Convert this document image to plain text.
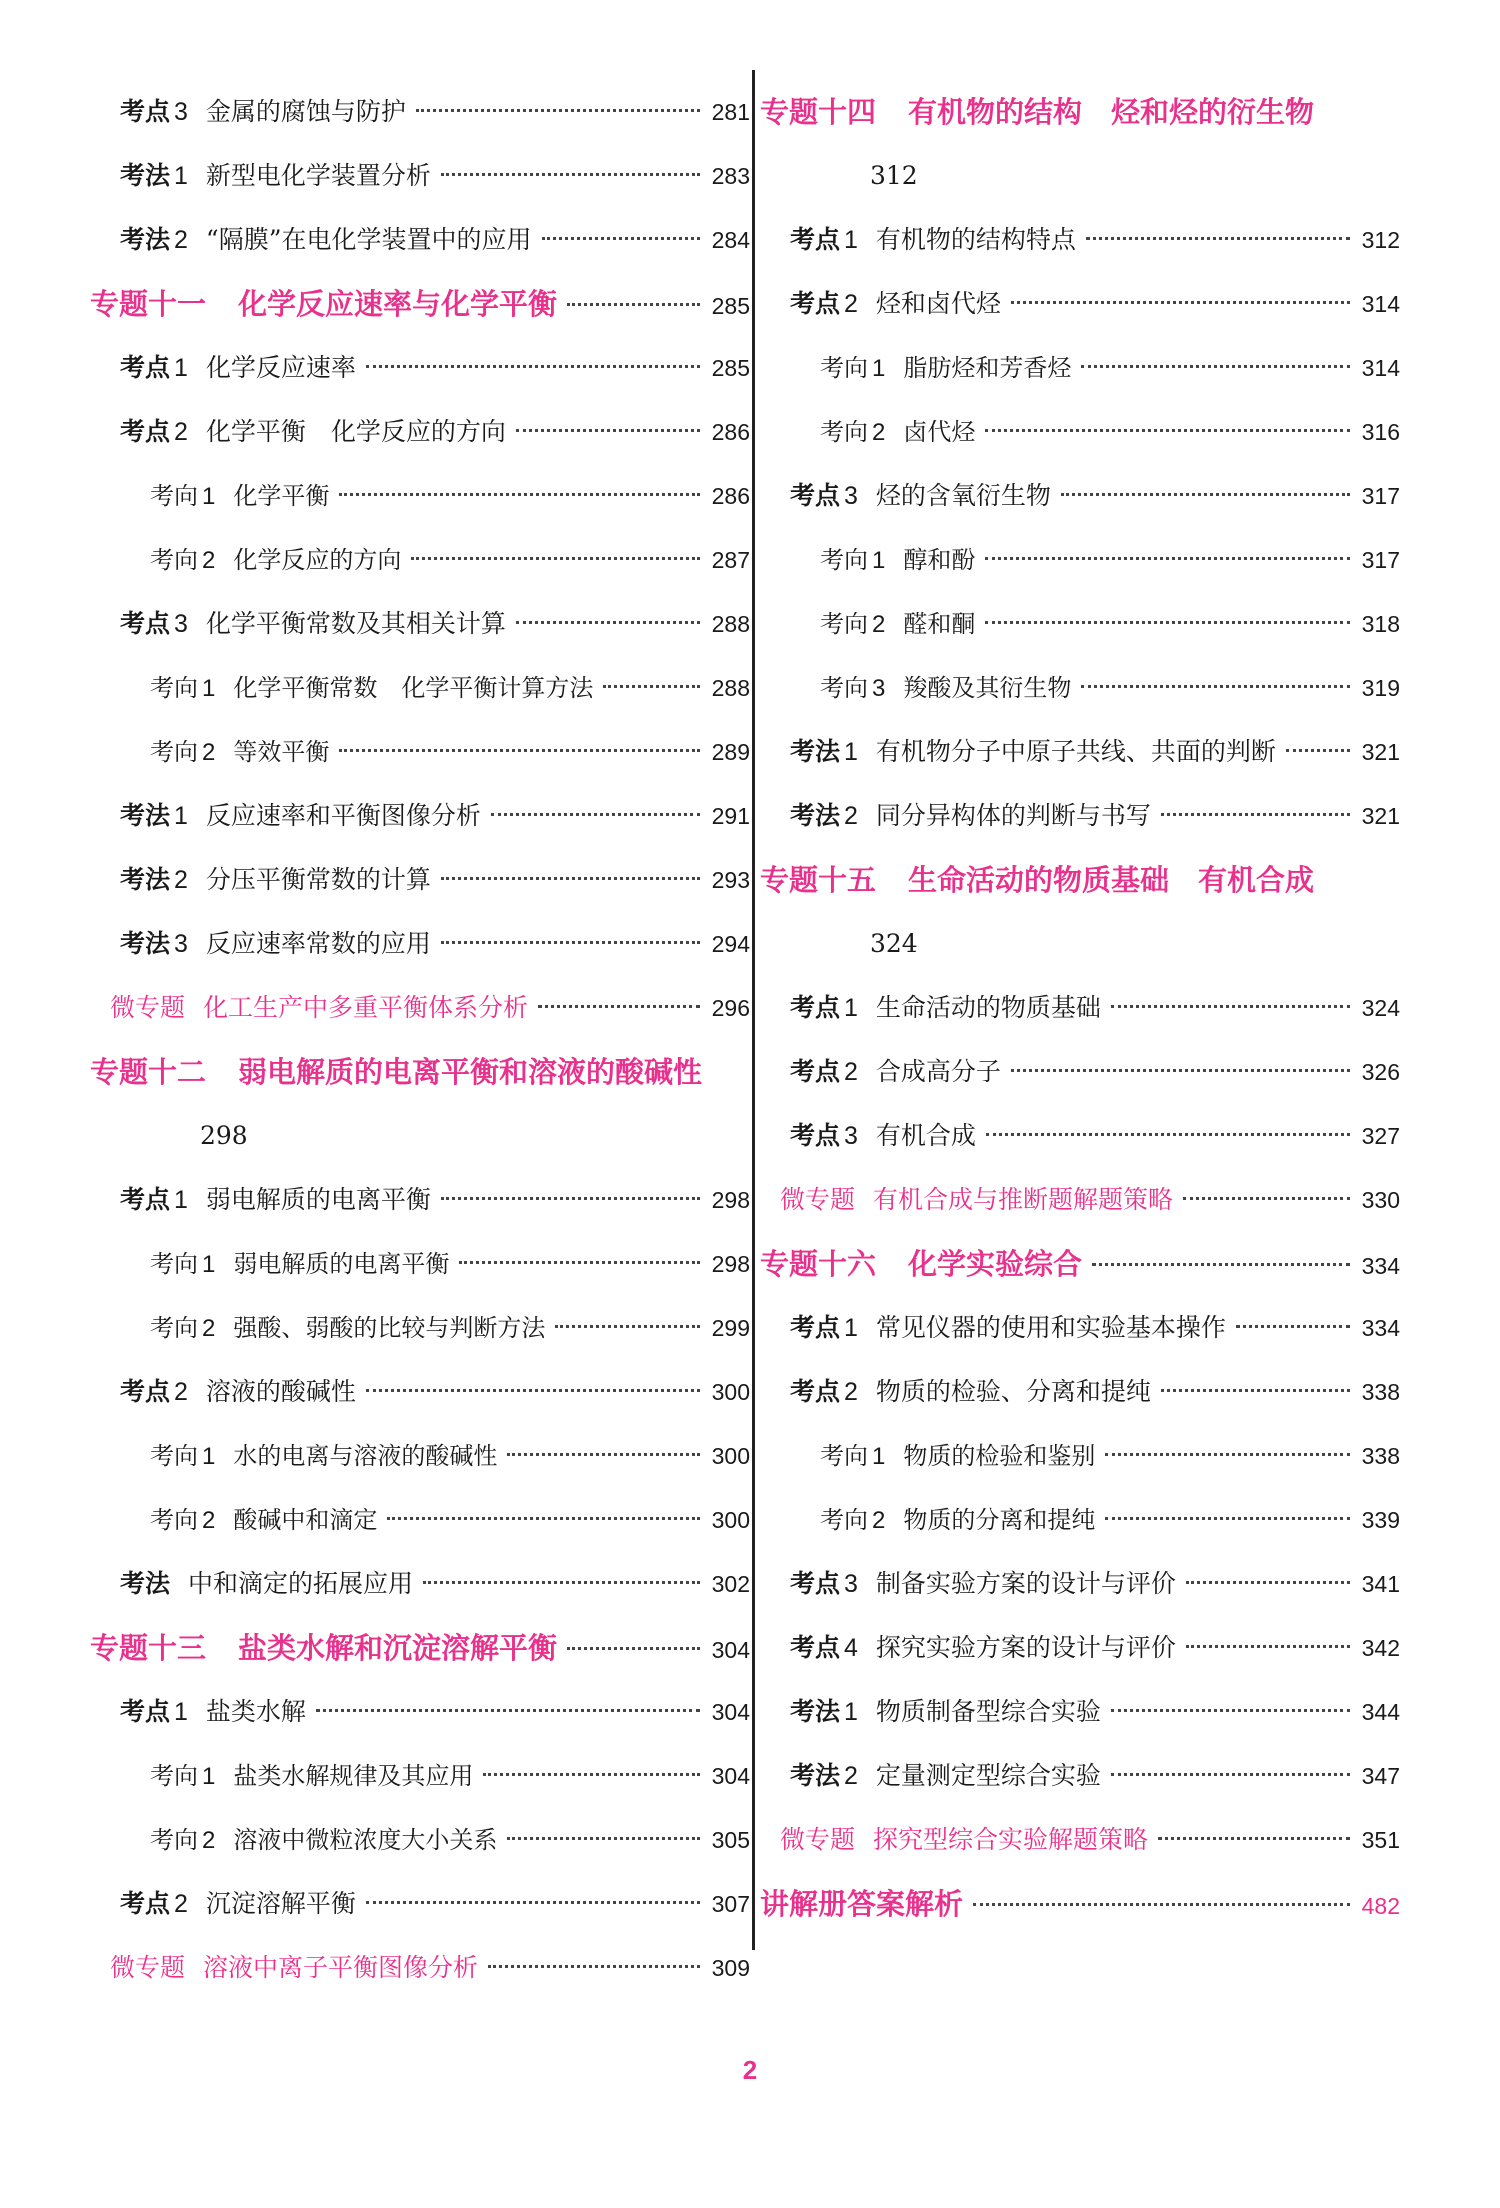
考点 3 金属的腐蚀与防护	281
考法 1 新型电化学装置分析	283
考法 2 “隔膜”在电化学装置中的应用	284
专题十一 化学反应速率与化学平衡	285
考点 1 化学反应速率	285
考点 2 化学平衡　化学反应的方向	286
考向 1 化学平衡	286
考向 2 化学反应的方向	287
考点 3 化学平衡常数及其相关计算	288
考向 1 化学平衡常数　化学平衡计算方法	288
考向 2 等效平衡	289
考法 1 反应速率和平衡图像分析	291
考法 2 分压平衡常数的计算	293
考法 3 反应速率常数的应用	294
微专题 化工生产中多重平衡体系分析	296
专题十二 弱电解质的电离平衡和溶液的酸碱性
298
考点 1 弱电解质的电离平衡	298
考向 1 弱电解质的电离平衡	298
考向 2 强酸、弱酸的比较与判断方法	299
考点 2 溶液的酸碱性	300
考向 1 水的电离与溶液的酸碱性	300
考向 2 酸碱中和滴定	300
考法 中和滴定的拓展应用	302
专题十三 盐类水解和沉淀溶解平衡	304
考点 1 盐类水解	304
考向 1 盐类水解规律及其应用	304
考向 2 溶液中微粒浓度大小关系	305
考点 2 沉淀溶解平衡	307
微专题 溶液中离子平衡图像分析	309
专题十四 有机物的结构　烃和烃的衍生物
312
考点 1 有机物的结构特点	312
考点 2 烃和卤代烃	314
考向 1 脂肪烃和芳香烃	314
考向 2 卤代烃	316
考点 3 烃的含氧衍生物	317
考向 1 醇和酚	317
考向 2 醛和酮	318
考向 3 羧酸及其衍生物	319
考法 1 有机物分子中原子共线、共面的判断	321
考法 2 同分异构体的判断与书写	321
专题十五 生命活动的物质基础　有机合成
324
考点 1 生命活动的物质基础	324
考点 2 合成高分子	326
考点 3 有机合成	327
微专题 有机合成与推断题解题策略	330
专题十六 化学实验综合	334
考点 1 常见仪器的使用和实验基本操作	334
考点 2 物质的检验、分离和提纯	338
考向 1 物质的检验和鉴别	338
考向 2 物质的分离和提纯	339
考点 3 制备实验方案的设计与评价	341
考点 4 探究实验方案的设计与评价	342
考法 1 物质制备型综合实验	344
考法 2 定量测定型综合实验	347
微专题 探究型综合实验解题策略	351
讲解册答案解析	482
2
